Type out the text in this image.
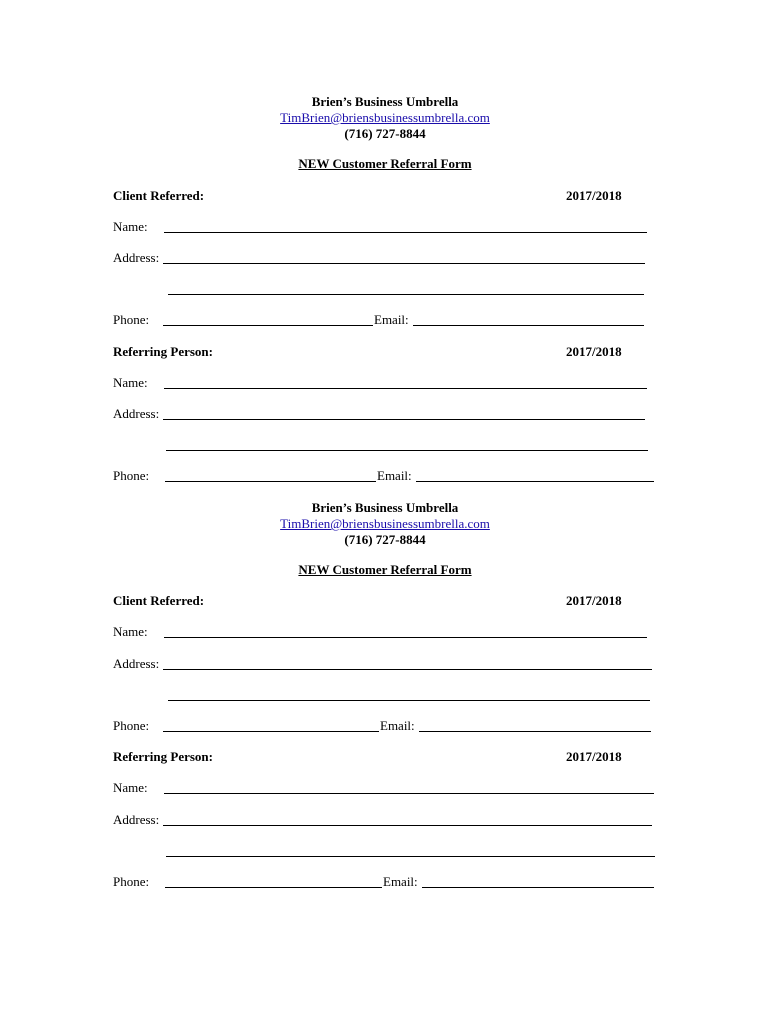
Brien’s Business Umbrella
TimBrien@briensbusinessumbrella.com
(716) 727-8844
NEW Customer Referral Form
Client Referred:	2017/2018
Name:
Address:
Phone:	Email:
Referring Person:	2017/2018
Name:
Address:
Phone:	Email:
Brien’s Business Umbrella
TimBrien@briensbusinessumbrella.com
(716) 727-8844
NEW Customer Referral Form
Client Referred:	2017/2018
Name:
Address:
Phone:	Email:
Referring Person:	2017/2018
Name:
Address:
Phone:	Email:
